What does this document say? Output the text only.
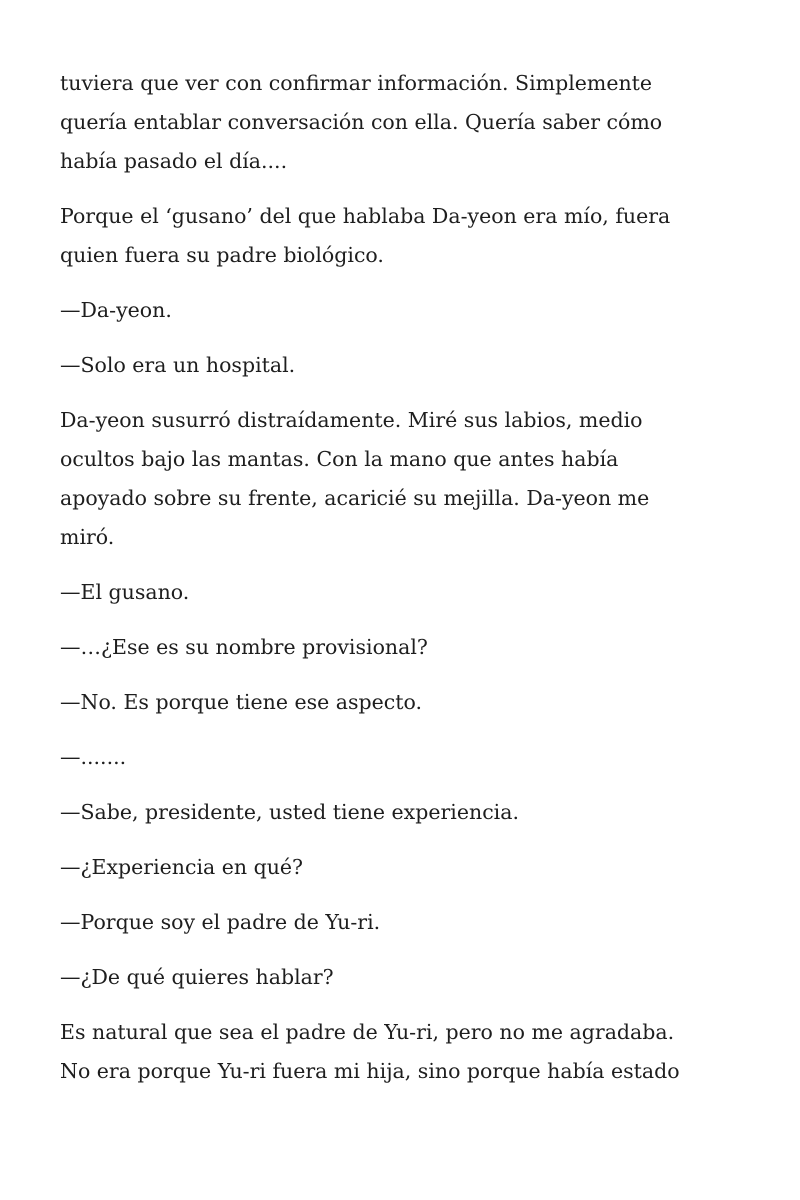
tuviera que ver con confirmar información. Simplemente
quería entablar conversación con ella. Quería saber cómo
había pasado el día....

Porque el ‘gusano’ del que hablaba Da-yeon era mío, fuera
quien fuera su padre biológico.

—Da-yeon.

—Solo era un hospital.

Da-yeon susurró distraídamente. Miré sus labios, medio
ocultos bajo las mantas. Con la mano que antes había
apoyado sobre su frente, acaricié su mejilla. Da-yeon me
miró.

—El gusano.

—…¿Ese es su nombre provisional?

—No. Es porque tiene ese aspecto.

—.......

—Sabe, presidente, usted tiene experiencia.

—¿Experiencia en qué?

—Porque soy el padre de Yu-ri.

—¿De qué quieres hablar?

Es natural que sea el padre de Yu-ri, pero no me agradaba.
No era porque Yu-ri fuera mi hija, sino porque había estado
